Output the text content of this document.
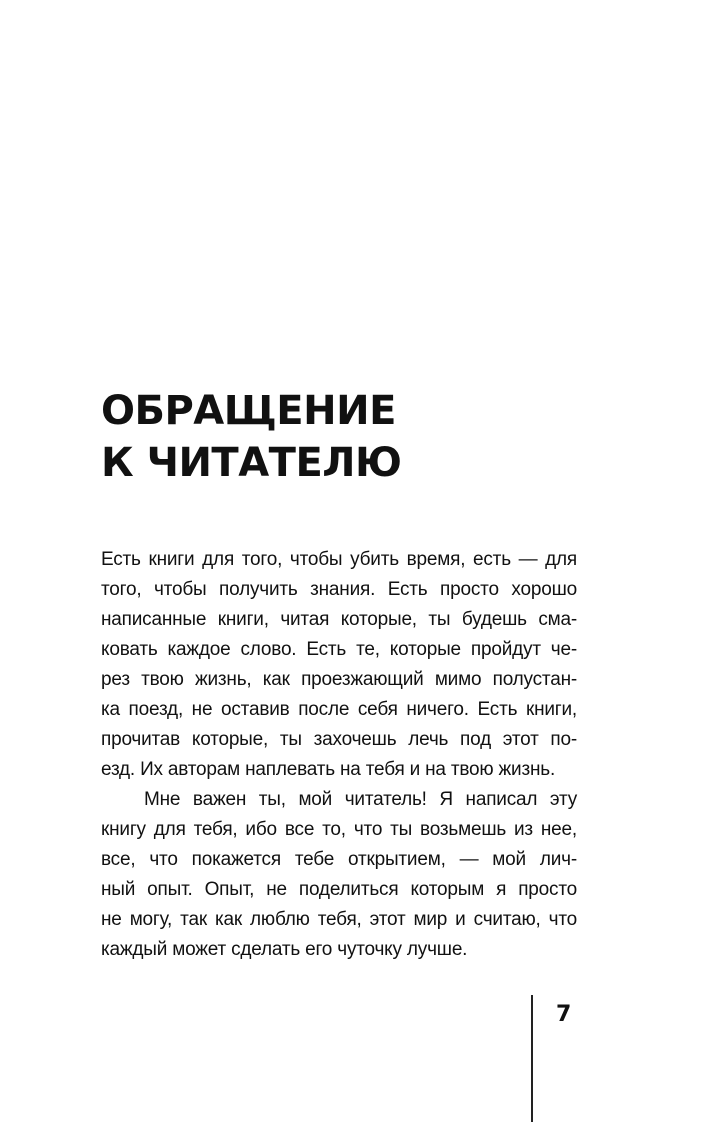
ОБРАЩЕНИЕ
К ЧИТАТЕЛЮ
Есть книги для того, чтобы убить время, есть — для
того, чтобы получить знания. Есть просто хорошо
написанные книги, читая которые, ты будешь сма-
ковать каждое слово. Есть те, которые пройдут че-
рез твою жизнь, как проезжающий мимо полустан-
ка поезд, не оставив после себя ничего. Есть книги,
прочитав которые, ты захочешь лечь под этот по-
езд. Их авторам наплевать на тебя и на твою жизнь.
Мне важен ты, мой читатель! Я написал эту
книгу для тебя, ибо все то, что ты возьмешь из нее,
все, что покажется тебе открытием, — мой лич-
ный опыт. Опыт, не поделиться которым я просто
не могу, так как люблю тебя, этот мир и считаю, что
каждый может сделать его чуточку лучше.
7
